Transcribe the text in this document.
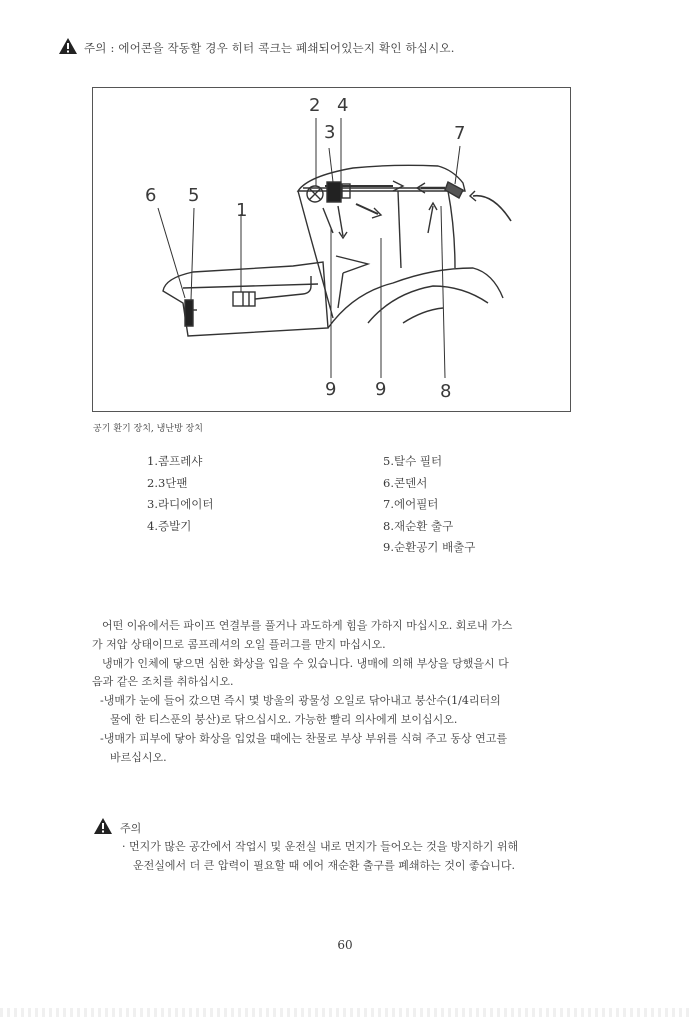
주의 : 에어콘을 작동할 경우 히터 콕크는 폐쇄되어있는지 확인 하십시오.
2 4
3	7
6 5
1
9 9	8
공기 환기 장치, 냉난방 장치
1.콤프레샤
2.3단팬
3.라디에이터
4.증발기
5.탈수 필터
6.콘덴서
7.에어필터
8.재순환 출구
9.순환공기 배출구

어떤 이유에서든 파이프 연결부를 풀거나 과도하게 힘을 가하지 마십시오. 회로내 가스

가 저압 상태이므로 콤프레셔의 오일 플러그를 만지 마십시오.

냉매가 인체에 닿으면 심한 화상을 입을 수 있습니다. 냉매에 의해 부상을 당했을시 다

음과 같은 조치를 취하십시오.

-냉매가 눈에 들어 갔으면 즉시 몇 방울의 광물성 오일로 닦아내고 붕산수(1/4리터의

물에 한 티스푼의 붕산)로 닦으십시오. 가능한 빨리 의사에게 보이십시오.

-냉매가 피부에 닿아 화상을 입었을 때에는 찬물로 부상 부위를 식혀 주고 동상 연고를

바르십시오.

주의
· 먼지가 많은 공간에서 작업시 및 운전실 내로 먼지가 들어오는 것을 방지하기 위해
운전실에서 더 큰 압력이 필요할 때 에어 재순환 출구를 폐쇄하는 것이 좋습니다.
60
